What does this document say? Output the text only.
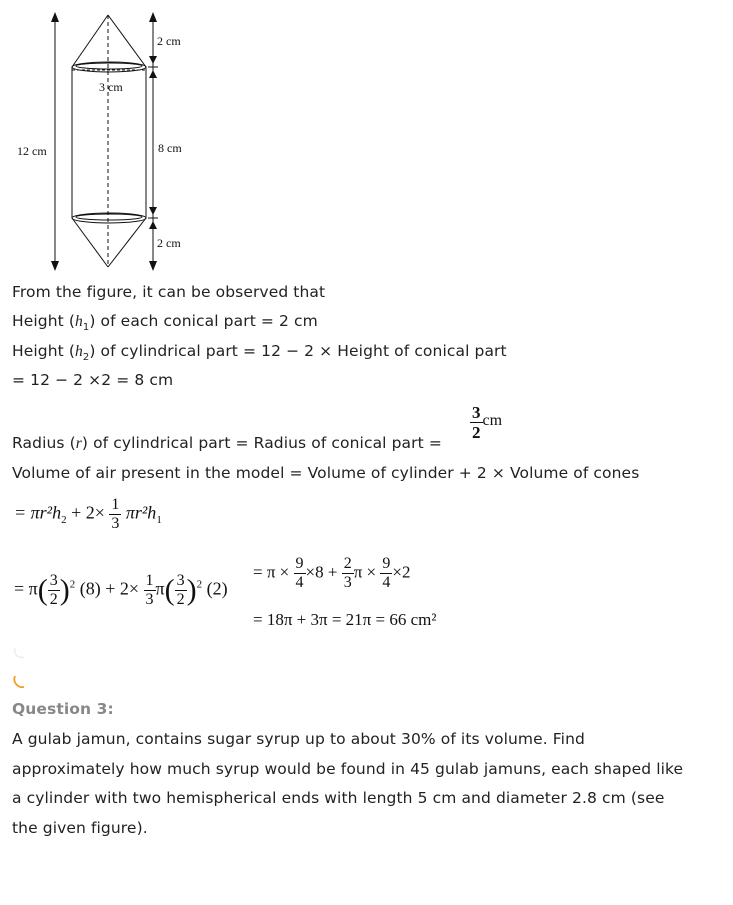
2 cm
3 cm
12 cm	8 cm
2 cm
From the figure, it can be observed that
Height $(h_1)$ of each conical part = 2 cm
Height $(h_2)$ of cylindrical part = 12 − 2 × Height of conical part
= 12 − 2 ×2 = 8 cm
Radius (r) of cylindrical part = Radius of conical part =
$\frac{3}{2}$ cm
Volume of air present in the model = Volume of cylinder + 2 × Volume of cones
= $\pi r^2h_2 + 2\times \frac{1}{3} \pi r^2h_1$
= $\pi( \frac{3}{2} )^2$ $(8) + 2\times \frac{1}{3} \pi( \frac{3}{2} )^2$ (2)
= $\pi \times \frac{9}{4} \times 8 + \frac{2}{3}$ $\pi \times \frac{9}{4} \times 2$
= 18π + 3π = 21π = 66 cm²
Question 3:
A gulab jamun, contains sugar syrup up to about 30% of its volume. Find
approximately how much syrup would be found in 45 gulab jamuns, each shaped like
a cylinder with two hemispherical ends with length 5 cm and diameter 2.8 cm (see
the given figure).
